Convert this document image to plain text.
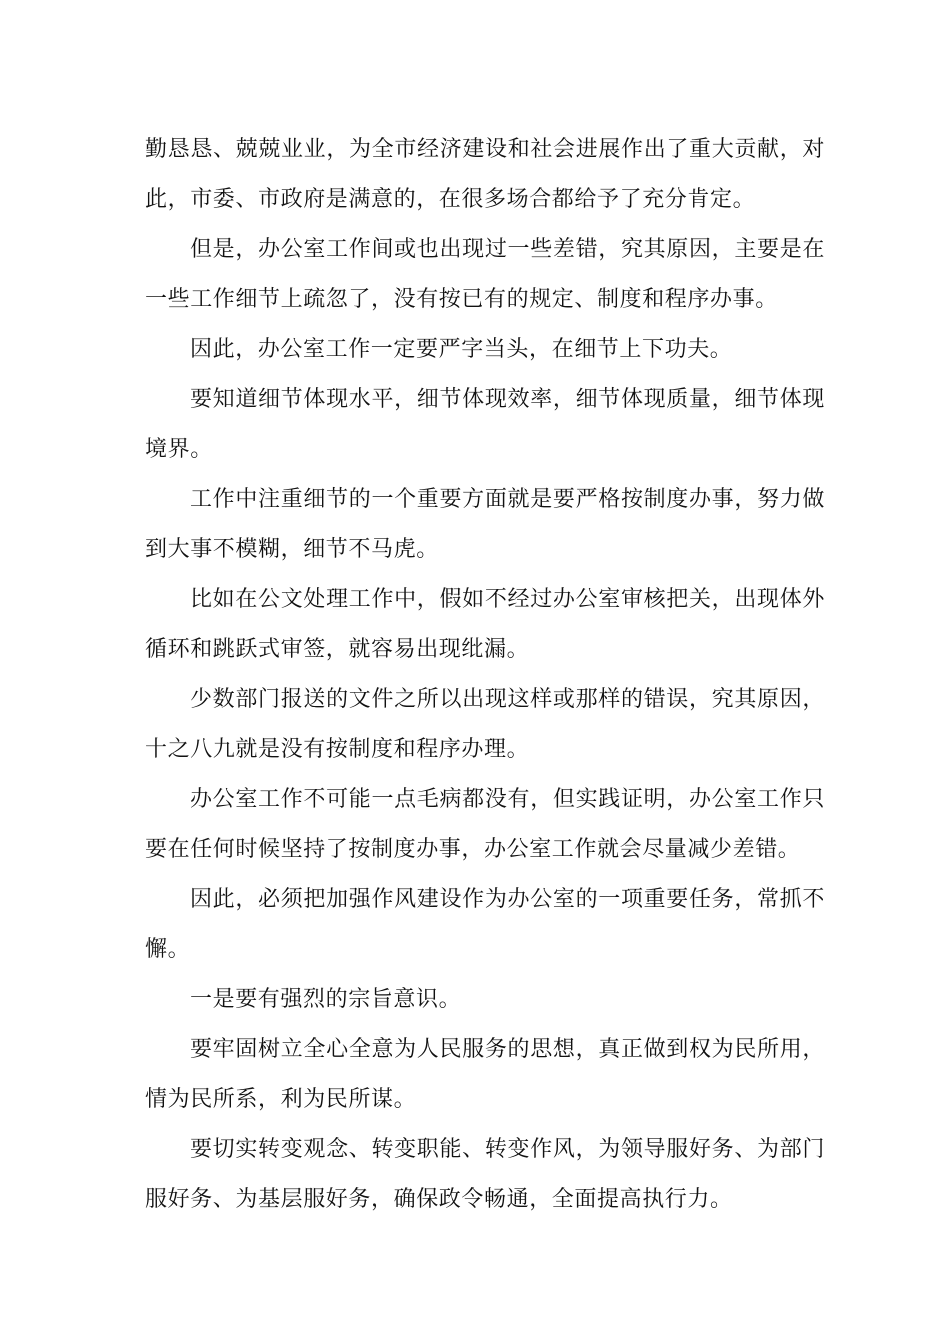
勤恳恳、兢兢业业，为全市经济建设和社会进展作出了重大贡献，对此，市委、市政府是满意的，在很多场合都给予了充分肯定。

但是，办公室工作间或也出现过一些差错，究其原因，主要是在一些工作细节上疏忽了，没有按已有的规定、制度和程序办事。

因此，办公室工作一定要严字当头，在细节上下功夫。

要知道细节体现水平，细节体现效率，细节体现质量，细节体现境界。

工作中注重细节的一个重要方面就是要严格按制度办事，努力做到大事不模糊，细节不马虎。

比如在公文处理工作中，假如不经过办公室审核把关，出现体外循环和跳跃式审签，就容易出现纰漏。

少数部门报送的文件之所以出现这样或那样的错误，究其原因，十之八九就是没有按制度和程序办理。

办公室工作不可能一点毛病都没有，但实践证明，办公室工作只要在任何时候坚持了按制度办事，办公室工作就会尽量减少差错。

因此，必须把加强作风建设作为办公室的一项重要任务，常抓不懈。

一是要有强烈的宗旨意识。

要牢固树立全心全意为人民服务的思想，真正做到权为民所用，情为民所系，利为民所谋。

要切实转变观念、转变职能、转变作风，为领导服好务、为部门服好务、为基层服好务，确保政令畅通，全面提高执行力。
